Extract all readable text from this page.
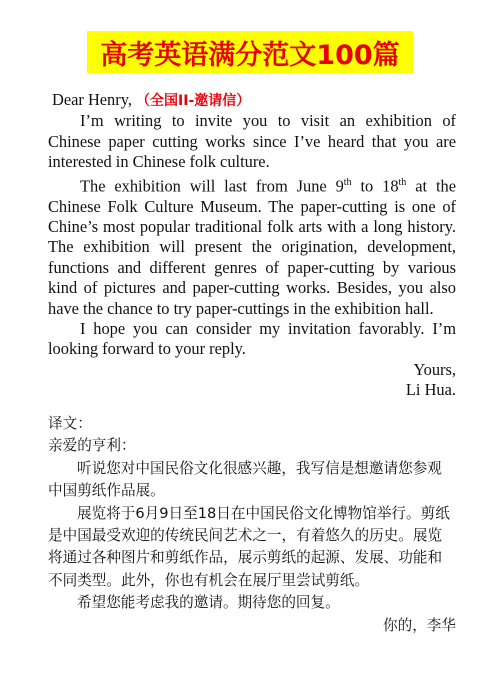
高考英语满分范文100篇
Dear Henry, （全国II-邀请信）

I’m writing to invite you to visit an exhibition of Chinese paper cutting works since I’ve heard that you are interested in Chinese folk culture.

The exhibition will last from June 9th to 18th at the Chinese Folk Culture Museum. The paper-cutting is one of Chine’s most popular traditional folk arts with a long history. The exhibition will present the origination, development, functions and different genres of paper-cutting by various kind of pictures and paper-cutting works. Besides, you also have the chance to try paper-cuttings in the exhibition hall.

I hope you can consider my invitation favorably. I’m looking forward to your reply.

Yours,
Li Hua.
译文：
亲爱的亨利：

听说您对中国民俗文化很感兴趣，我写信是想邀请您参观中国剪纸作品展。

展览将于6月9日至18日在中国民俗文化博物馆举行。剪纸是中国最受欢迎的传统民间艺术之一，有着悠久的历史。展览将通过各种图片和剪纸作品，展示剪纸的起源、发展、功能和不同类型。此外，你也有机会在展厅里尝试剪纸。

希望您能考虑我的邀请。期待您的回复。

你的，李华
